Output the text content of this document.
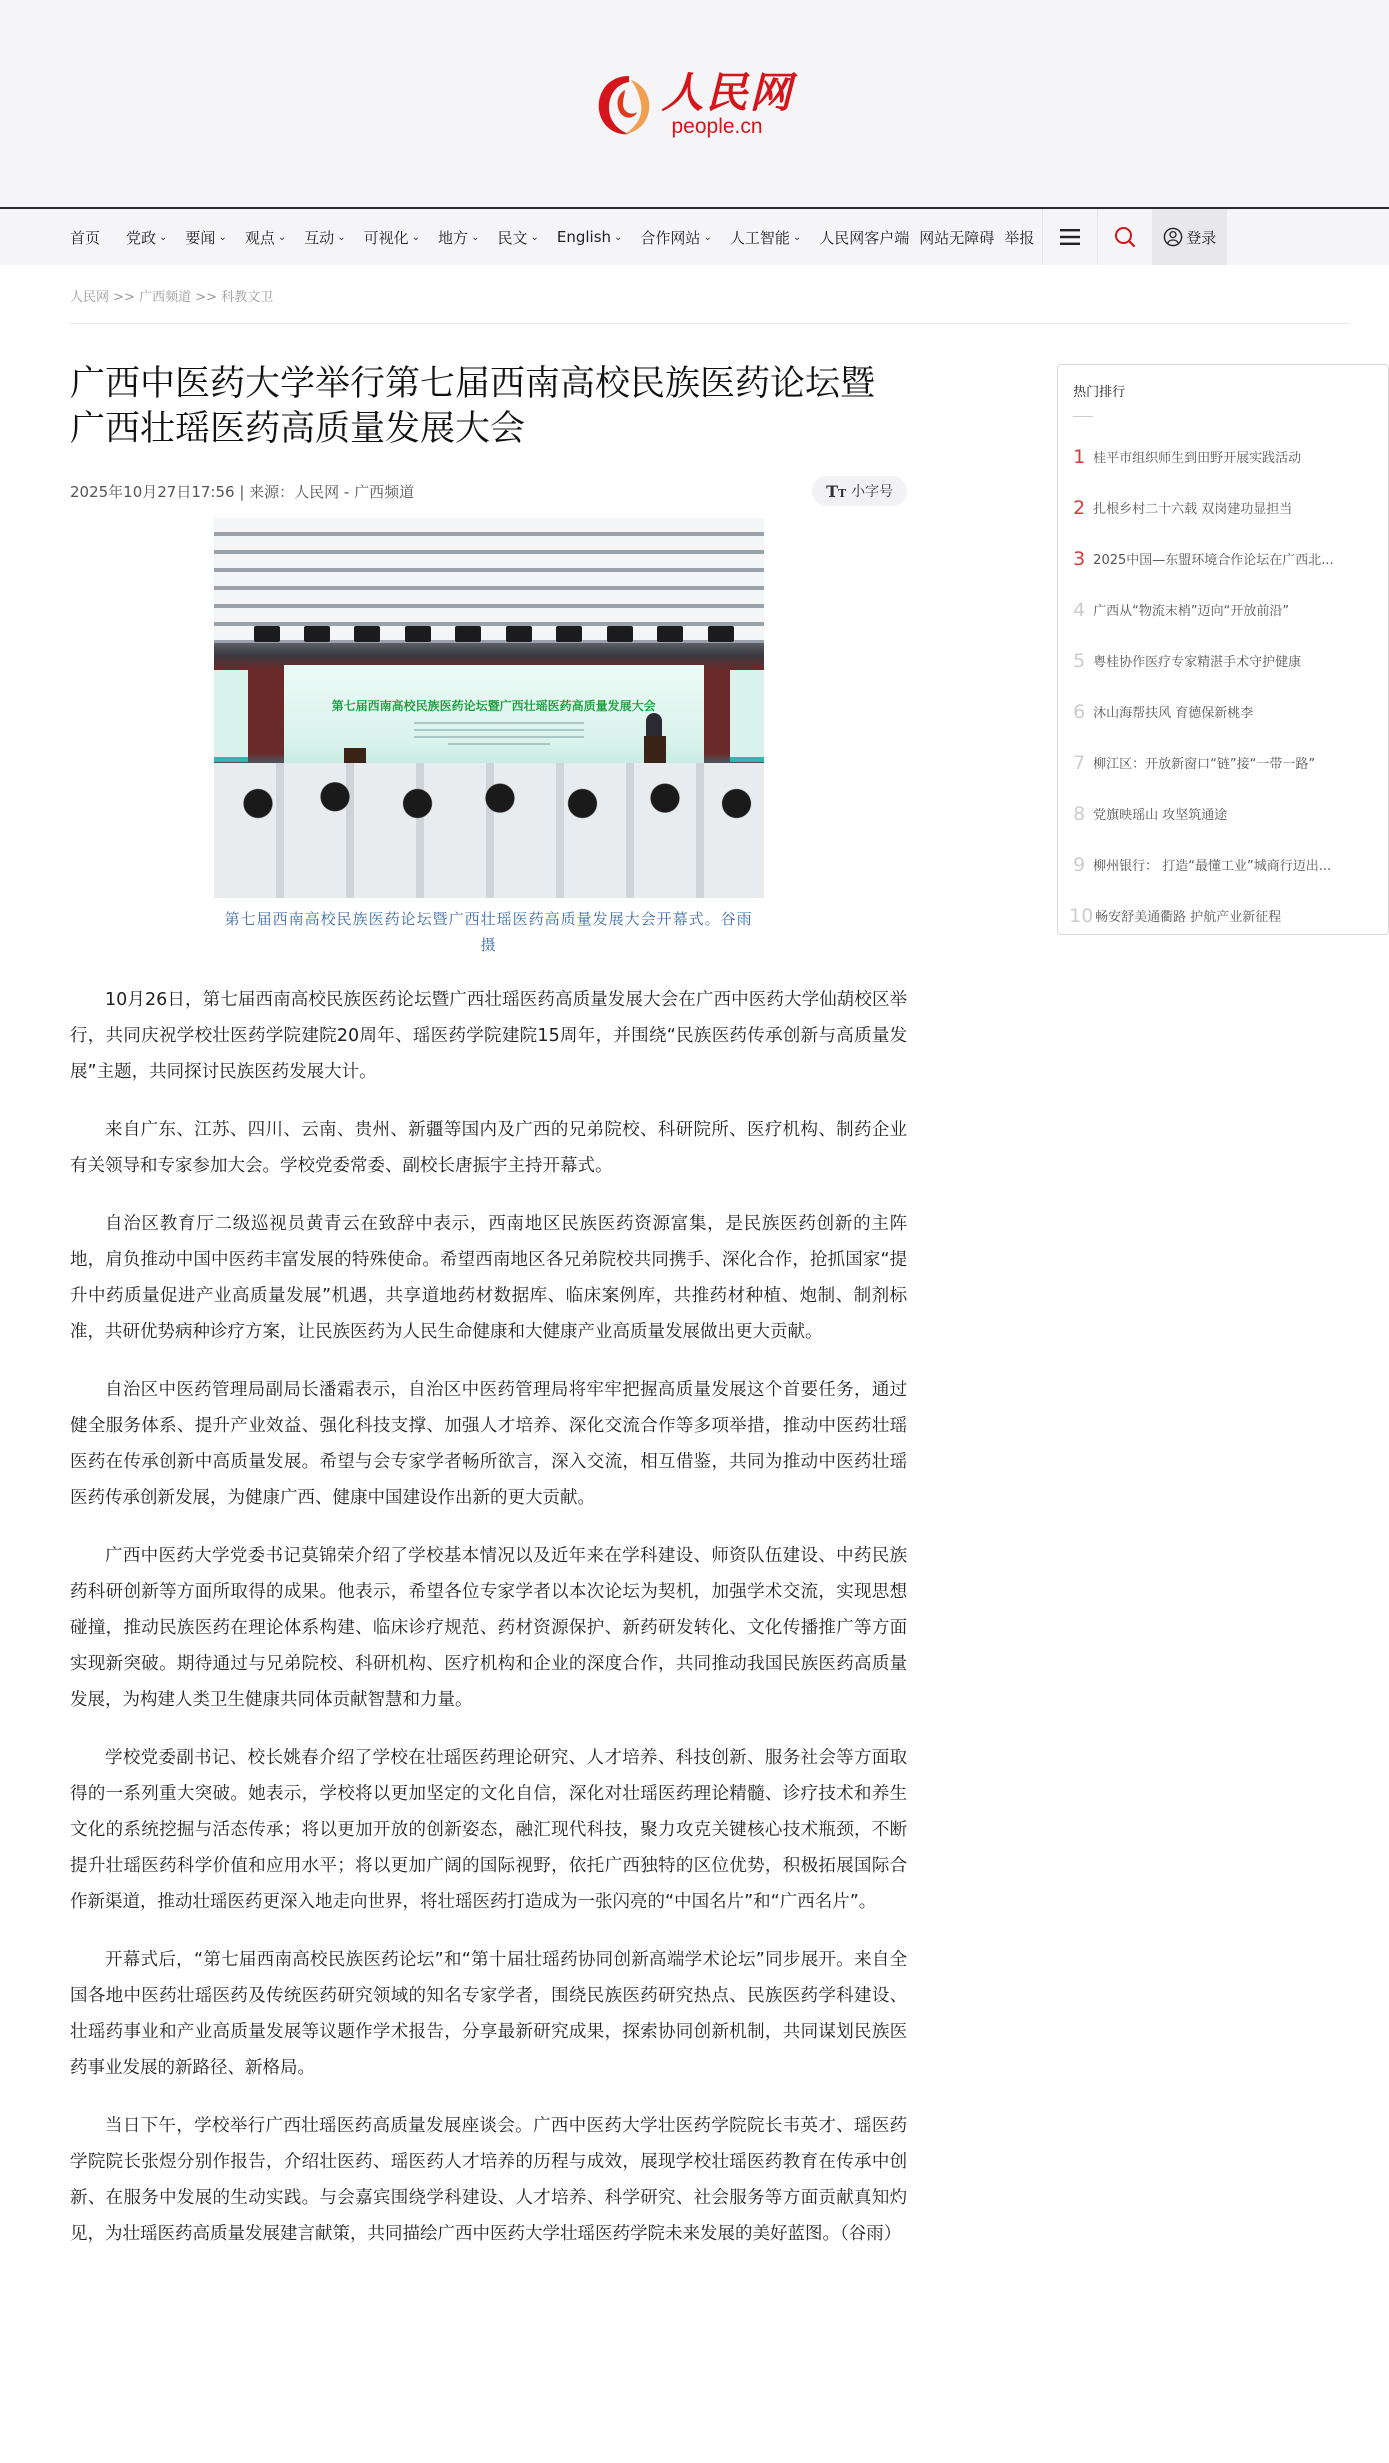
人民网
people.cn
首页 党政 ⌄ 要闻 ⌄ 观点 ⌄ 互动 ⌄ 可视化 ⌄ 地方 ⌄ 民文 ⌄ English ⌄ 合作网站 ⌄ 人工智能 ⌄ 人民网客户端 网站无障碍 举报	登录
人民网 >> 广西频道 >> 科教文卫
广西中医药大学举行第七届西南高校民族医药论坛暨广西壮瑶医药高质量发展大会
2025年10月27日17:56 | 来源：人民网 - 广西频道	TT 小字号
第七届西南高校民族医药论坛暨广西壮瑶医药高质量发展大会
第七届西南高校民族医药论坛暨广西壮瑶医药高质量发展大会开幕式。谷雨摄

10月26日，第七届西南高校民族医药论坛暨广西壮瑶医药高质量发展大会在广西中医药大学仙葫校区举行，共同庆祝学校壮医药学院建院20周年、瑶医药学院建院15周年，并围绕“民族医药传承创新与高质量发展”主题，共同探讨民族医药发展大计。

来自广东、江苏、四川、云南、贵州、新疆等国内及广西的兄弟院校、科研院所、医疗机构、制药企业有关领导和专家参加大会。学校党委常委、副校长唐振宇主持开幕式。

自治区教育厅二级巡视员黄青云在致辞中表示，西南地区民族医药资源富集，是民族医药创新的主阵地，肩负推动中国中医药丰富发展的特殊使命。希望西南地区各兄弟院校共同携手、深化合作，抢抓国家“提升中药质量促进产业高质量发展”机遇，共享道地药材数据库、临床案例库，共推药材种植、炮制、制剂标准，共研优势病种诊疗方案，让民族医药为人民生命健康和大健康产业高质量发展做出更大贡献。

自治区中医药管理局副局长潘霜表示，自治区中医药管理局将牢牢把握高质量发展这个首要任务，通过健全服务体系、提升产业效益、强化科技支撑、加强人才培养、深化交流合作等多项举措，推动中医药壮瑶医药在传承创新中高质量发展。希望与会专家学者畅所欲言，深入交流，相互借鉴，共同为推动中医药壮瑶医药传承创新发展，为健康广西、健康中国建设作出新的更大贡献。

广西中医药大学党委书记莫锦荣介绍了学校基本情况以及近年来在学科建设、师资队伍建设、中药民族药科研创新等方面所取得的成果。他表示，希望各位专家学者以本次论坛为契机，加强学术交流，实现思想碰撞，推动民族医药在理论体系构建、临床诊疗规范、药材资源保护、新药研发转化、文化传播推广等方面实现新突破。期待通过与兄弟院校、科研机构、医疗机构和企业的深度合作，共同推动我国民族医药高质量发展，为构建人类卫生健康共同体贡献智慧和力量。

学校党委副书记、校长姚春介绍了学校在壮瑶医药理论研究、人才培养、科技创新、服务社会等方面取得的一系列重大突破。她表示，学校将以更加坚定的文化自信，深化对壮瑶医药理论精髓、诊疗技术和养生文化的系统挖掘与活态传承；将以更加开放的创新姿态，融汇现代科技，聚力攻克关键核心技术瓶颈，不断提升壮瑶医药科学价值和应用水平；将以更加广阔的国际视野，依托广西独特的区位优势，积极拓展国际合作新渠道，推动壮瑶医药更深入地走向世界，将壮瑶医药打造成为一张闪亮的“中国名片”和“广西名片”。

开幕式后，“第七届西南高校民族医药论坛”和“第十届壮瑶药协同创新高端学术论坛”同步展开。来自全国各地中医药壮瑶医药及传统医药研究领域的知名专家学者，围绕民族医药研究热点、民族医药学科建设、壮瑶药事业和产业高质量发展等议题作学术报告，分享最新研究成果，探索协同创新机制，共同谋划民族医药事业发展的新路径、新格局。

当日下午，学校举行广西壮瑶医药高质量发展座谈会。广西中医药大学壮医药学院院长韦英才、瑶医药学院院长张煜分别作报告，介绍壮医药、瑶医药人才培养的历程与成效，展现学校壮瑶医药教育在传承中创新、在服务中发展的生动实践。与会嘉宾围绕学科建设、人才培养、科学研究、社会服务等方面贡献真知灼见，为壮瑶医药高质量发展建言献策，共同描绘广西中医药大学壮瑶医药学院未来发展的美好蓝图。（谷雨）

热门排行
1 桂平市组织师生到田野开展实践活动
2 扎根乡村二十六载 双岗建功显担当
3 2025中国—东盟环境合作论坛在广西北...
4 广西从“物流末梢”迈向“开放前沿”
5 粤桂协作医疗专家精湛手术守护健康
6 沐山海帮扶风 育德保新桃李
7 柳江区：开放新窗口“链”接“一带一路”
8 党旗映瑶山 攻坚筑通途
9 柳州银行： 打造“最懂工业”城商行迈出...
10 畅安舒美通衢路 护航产业新征程
